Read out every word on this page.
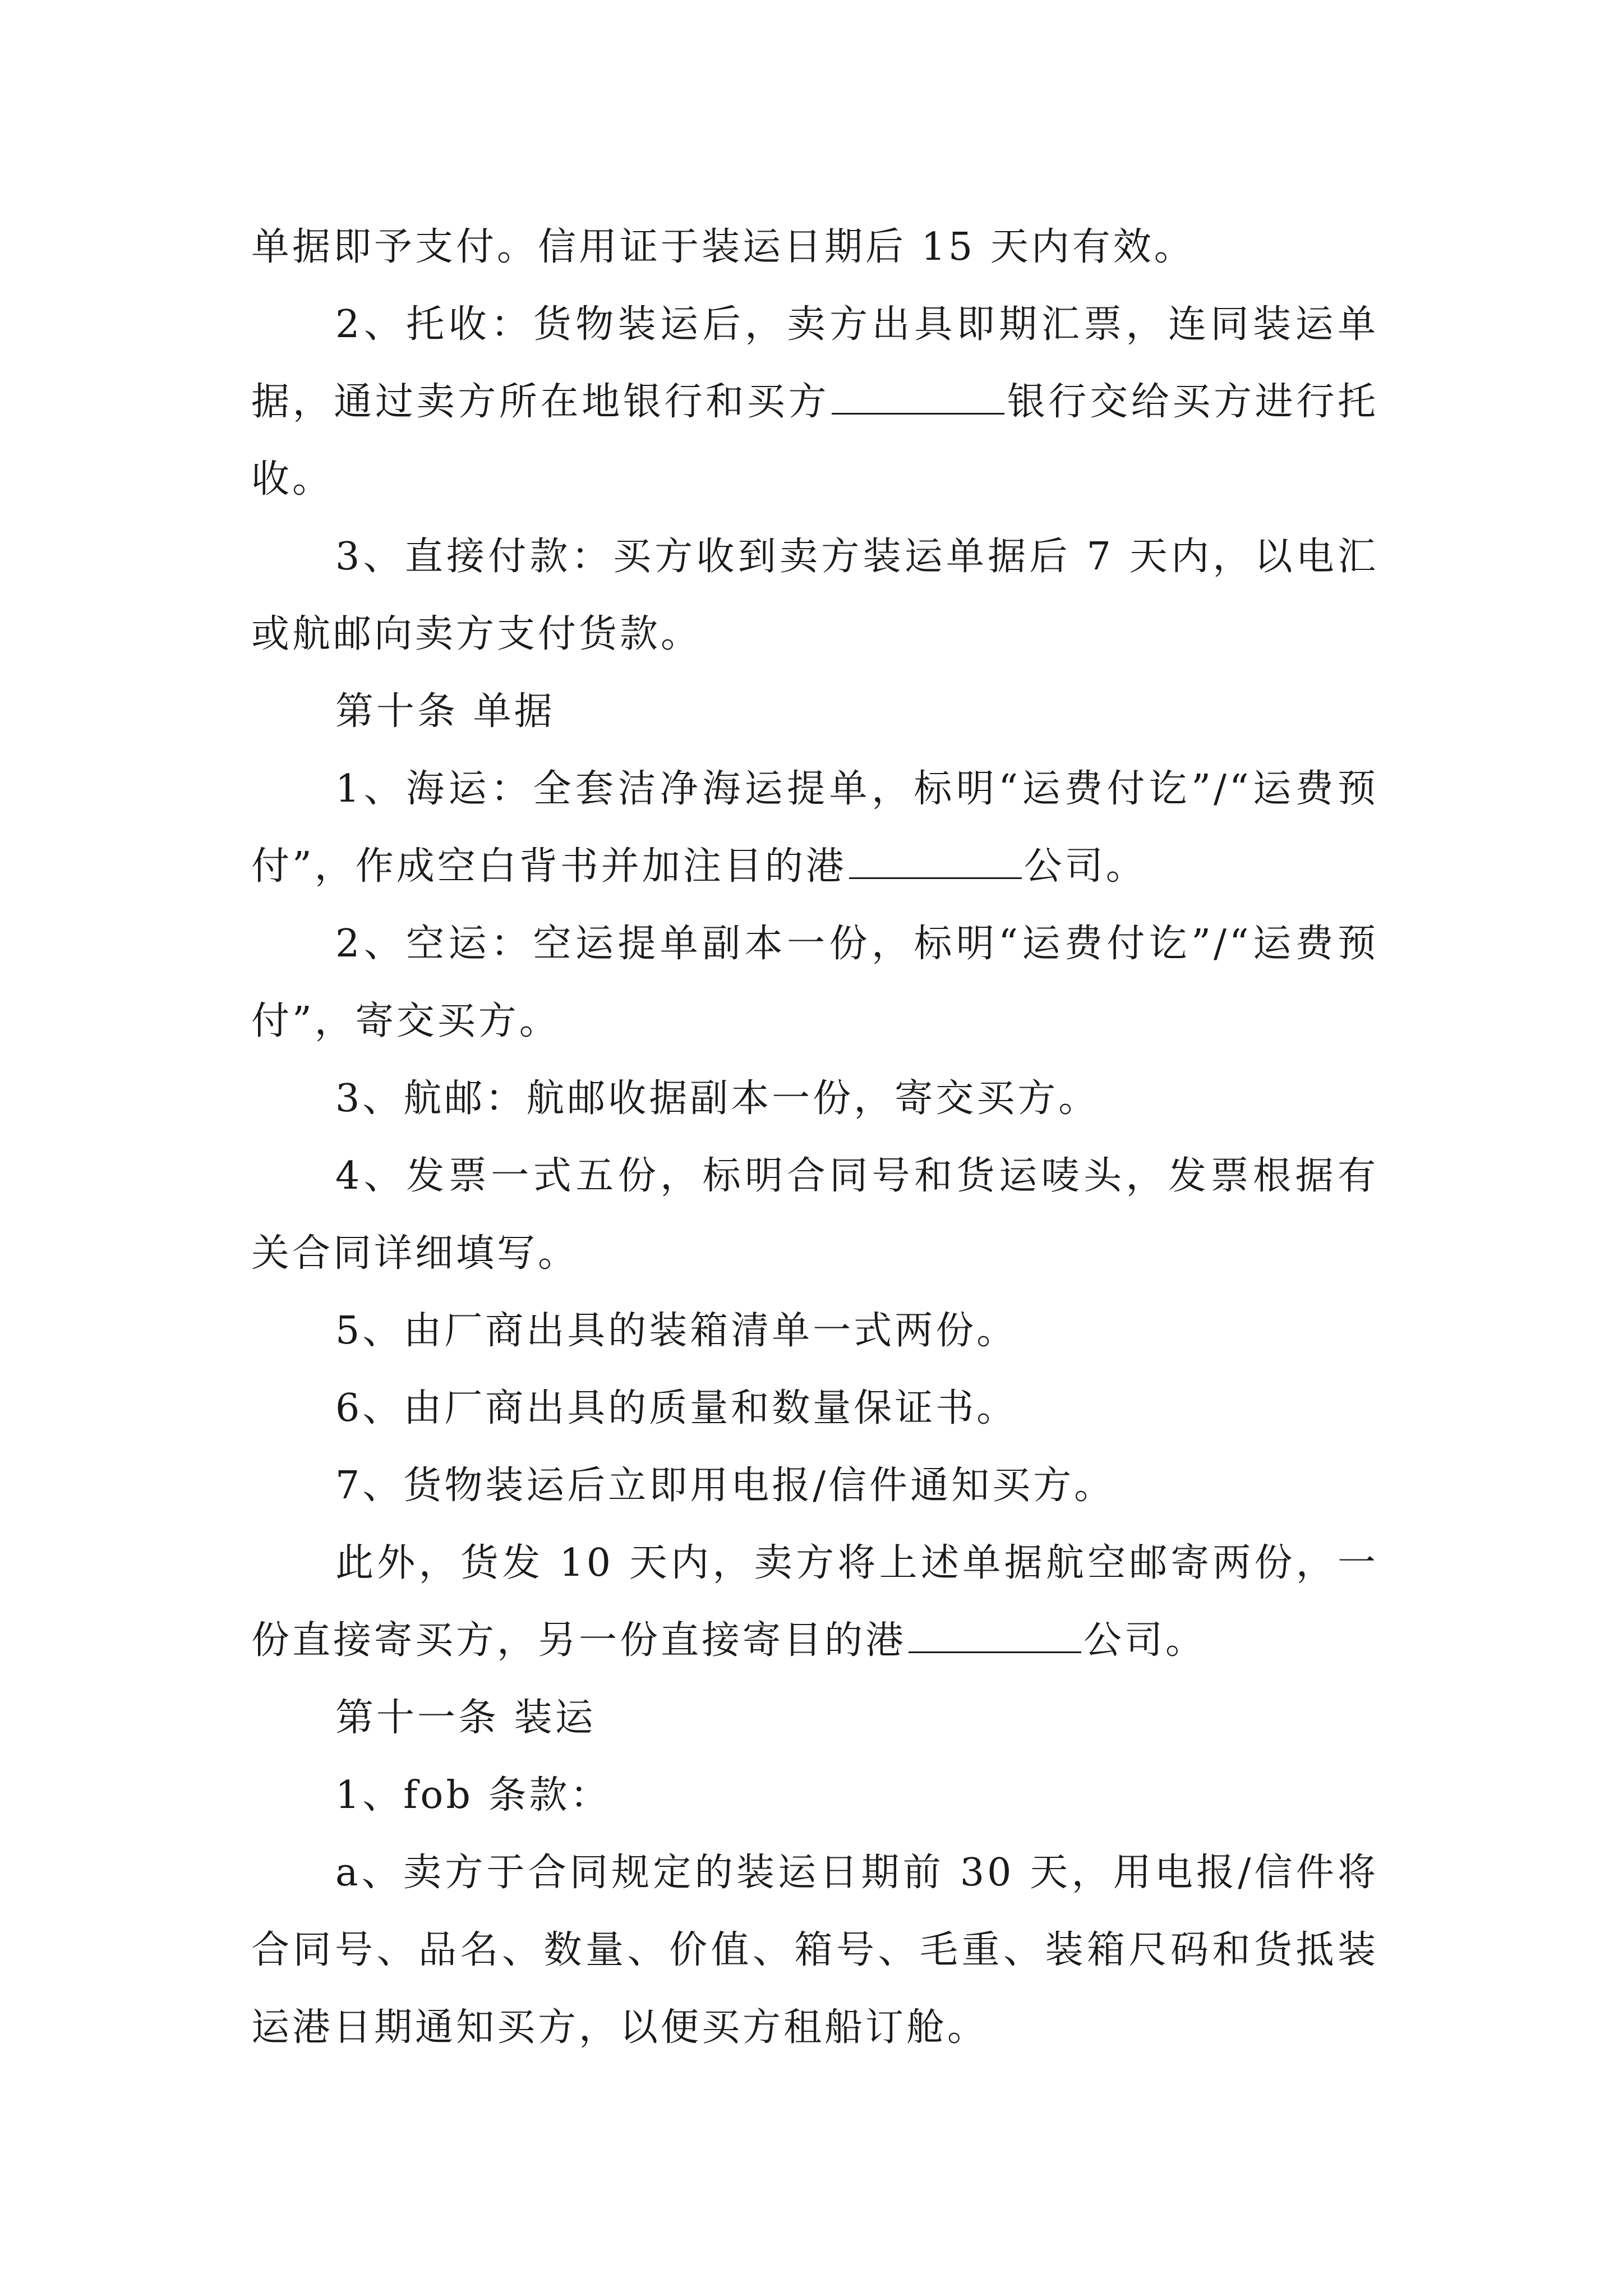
单据即予支付。信用证于装运日期后 15 天内有效。

2、托收：货物装运后，卖方出具即期汇票，连同装运单据，通过卖方所在地银行和买方	银行交给买方进行托收。

3、直接付款：买方收到卖方装运单据后 7 天内，以电汇或航邮向卖方支付货款。

第十条 单据

1、海运：全套洁净海运提单，标明“运费付讫”/“运费预付”，作成空白背书并加注目的港	公司。

2、空运：空运提单副本一份，标明“运费付讫”/“运费预付”，寄交买方。

3、航邮：航邮收据副本一份，寄交买方。

4、发票一式五份，标明合同号和货运唛头，发票根据有关合同详细填写。

5、由厂商出具的装箱清单一式两份。

6、由厂商出具的质量和数量保证书。

7、货物装运后立即用电报/信件通知买方。

此外，货发 10 天内，卖方将上述单据航空邮寄两份，一份直接寄买方，另一份直接寄目的港	公司。

第十一条 装运

1、fob 条款：

a、卖方于合同规定的装运日期前 30 天，用电报/信件将合同号、品名、数量、价值、箱号、毛重、装箱尺码和货抵装运港日期通知买方，以便买方租船订舱。
